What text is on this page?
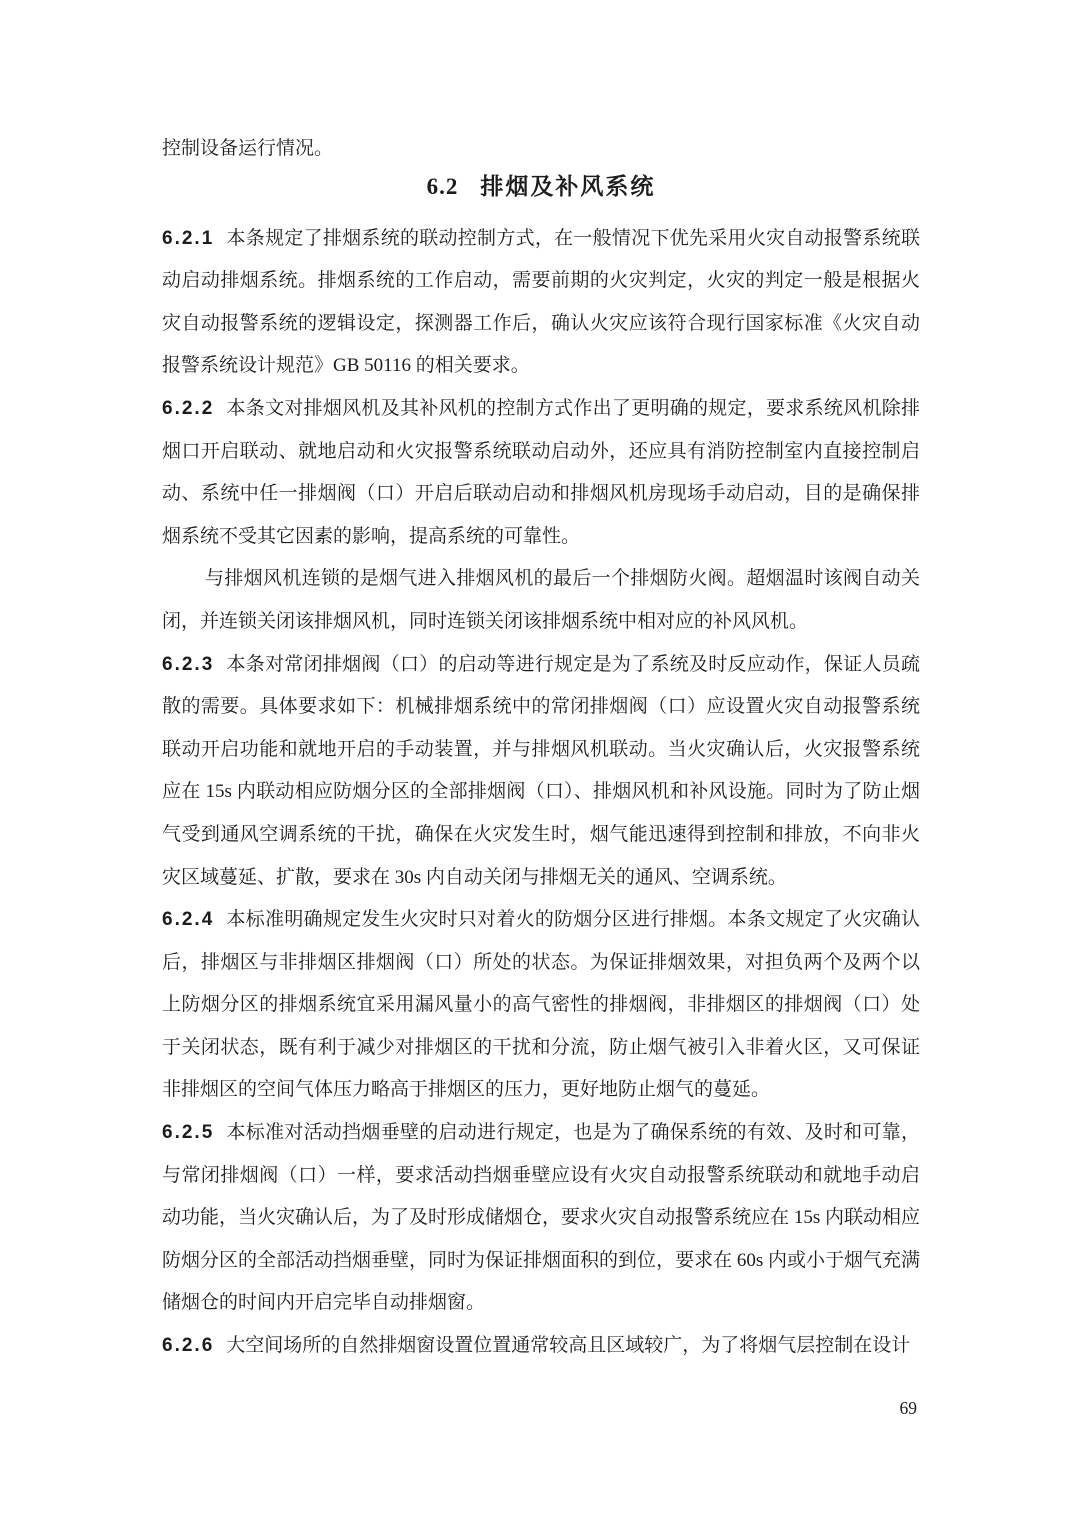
控制设备运行情况。

6.2 排烟及补风系统

6.2.1 本条规定了排烟系统的联动控制方式，在一般情况下优先采用火灾自动报警系统联动启动排烟系统。排烟系统的工作启动，需要前期的火灾判定，火灾的判定一般是根据火灾自动报警系统的逻辑设定，探测器工作后，确认火灾应该符合现行国家标准《火灾自动报警系统设计规范》GB 50116 的相关要求。

6.2.2 本条文对排烟风机及其补风机的控制方式作出了更明确的规定，要求系统风机除排烟口开启联动、就地启动和火灾报警系统联动启动外，还应具有消防控制室内直接控制启动、系统中任一排烟阀（口）开启后联动启动和排烟风机房现场手动启动，目的是确保排烟系统不受其它因素的影响，提高系统的可靠性。

与排烟风机连锁的是烟气进入排烟风机的最后一个排烟防火阀。超烟温时该阀自动关闭，并连锁关闭该排烟风机，同时连锁关闭该排烟系统中相对应的补风风机。

6.2.3 本条对常闭排烟阀（口）的启动等进行规定是为了系统及时反应动作，保证人员疏散的需要。具体要求如下：机械排烟系统中的常闭排烟阀（口）应设置火灾自动报警系统联动开启功能和就地开启的手动装置，并与排烟风机联动。当火灾确认后，火灾报警系统应在 15s 内联动相应防烟分区的全部排烟阀（口）、排烟风机和补风设施。同时为了防止烟气受到通风空调系统的干扰，确保在火灾发生时，烟气能迅速得到控制和排放，不向非火灾区域蔓延、扩散，要求在 30s 内自动关闭与排烟无关的通风、空调系统。

6.2.4 本标准明确规定发生火灾时只对着火的防烟分区进行排烟。本条文规定了火灾确认后，排烟区与非排烟区排烟阀（口）所处的状态。为保证排烟效果，对担负两个及两个以上防烟分区的排烟系统宜采用漏风量小的高气密性的排烟阀，非排烟区的排烟阀（口）处于关闭状态，既有利于减少对排烟区的干扰和分流，防止烟气被引入非着火区，又可保证非排烟区的空间气体压力略高于排烟区的压力，更好地防止烟气的蔓延。

6.2.5 本标准对活动挡烟垂壁的启动进行规定，也是为了确保系统的有效、及时和可靠，与常闭排烟阀（口）一样，要求活动挡烟垂壁应设有火灾自动报警系统联动和就地手动启动功能，当火灾确认后，为了及时形成储烟仓，要求火灾自动报警系统应在 15s 内联动相应防烟分区的全部活动挡烟垂壁，同时为保证排烟面积的到位，要求在 60s 内或小于烟气充满储烟仓的时间内开启完毕自动排烟窗。

6.2.6 大空间场所的自然排烟窗设置位置通常较高且区域较广，为了将烟气层控制在设计

69
